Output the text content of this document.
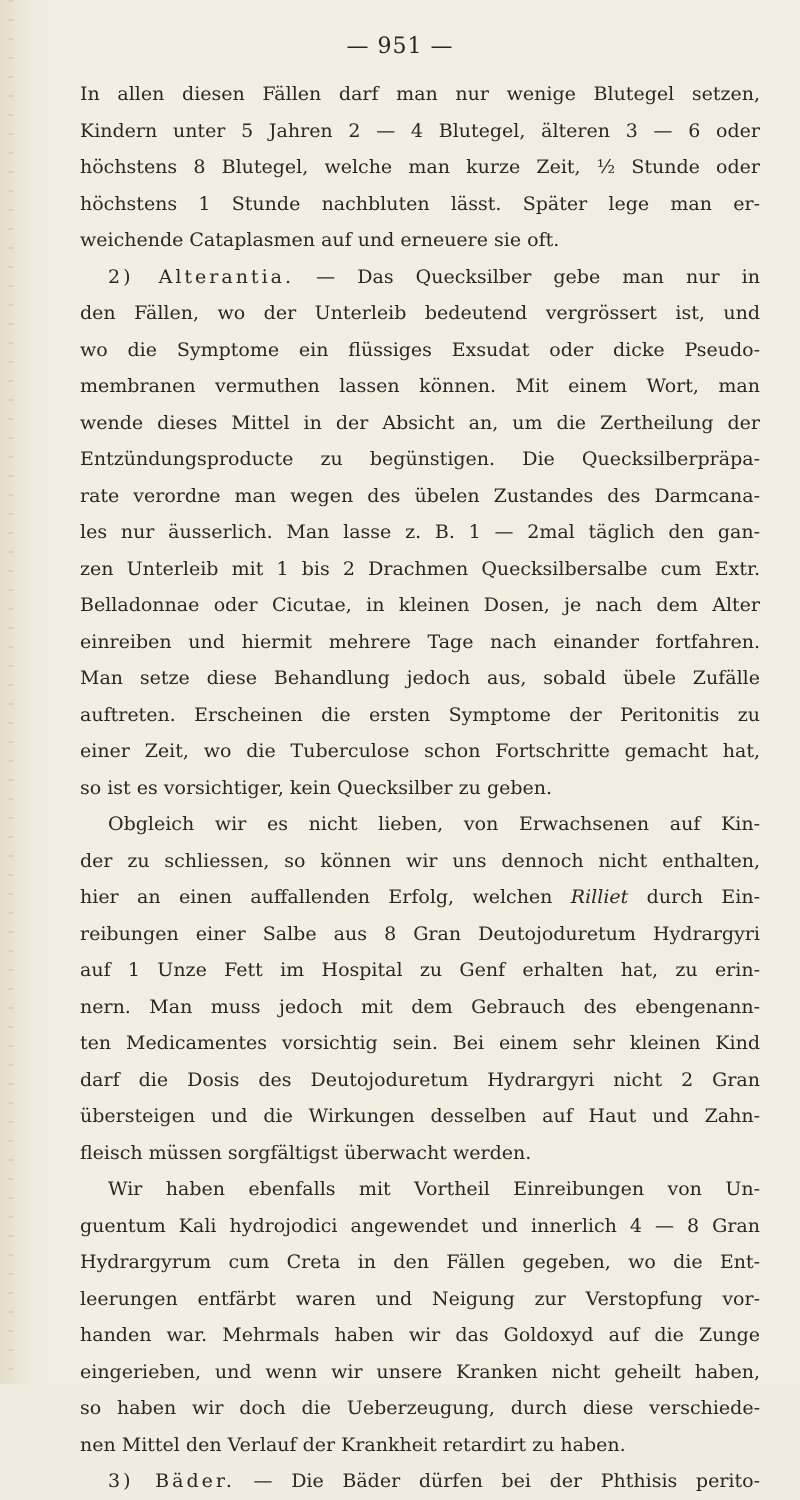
— 951 —
In allen diesen Fällen darf man nur wenige Blutegel setzen,
Kindern unter 5 Jahren 2 — 4 Blutegel, älteren 3 — 6 oder
höchstens 8 Blutegel, welche man kurze Zeit, ½ Stunde oder
höchstens 1 Stunde nachbluten lässt. Später lege man er-
weichende Cataplasmen auf und erneuere sie oft.
2) Alterantia. — Das Quecksilber gebe man nur in
den Fällen, wo der Unterleib bedeutend vergrössert ist, und
wo die Symptome ein flüssiges Exsudat oder dicke Pseudo-
membranen vermuthen lassen können. Mit einem Wort, man
wende dieses Mittel in der Absicht an, um die Zertheilung der
Entzündungsproducte zu begünstigen. Die Quecksilberpräpa-
rate verordne man wegen des übelen Zustandes des Darmcana-
les nur äusserlich. Man lasse z. B. 1 — 2mal täglich den gan-
zen Unterleib mit 1 bis 2 Drachmen Quecksilbersalbe cum Extr.
Belladonnae oder Cicutae, in kleinen Dosen, je nach dem Alter
einreiben und hiermit mehrere Tage nach einander fortfahren.
Man setze diese Behandlung jedoch aus, sobald übele Zufälle
auftreten. Erscheinen die ersten Symptome der Peritonitis zu
einer Zeit, wo die Tuberculose schon Fortschritte gemacht hat,
so ist es vorsichtiger, kein Quecksilber zu geben.
Obgleich wir es nicht lieben, von Erwachsenen auf Kin-
der zu schliessen, so können wir uns dennoch nicht enthalten,
hier an einen auffallenden Erfolg, welchen Rilliet durch Ein-
reibungen einer Salbe aus 8 Gran Deutojoduretum Hydrargyri
auf 1 Unze Fett im Hospital zu Genf erhalten hat, zu erin-
nern. Man muss jedoch mit dem Gebrauch des ebengenann-
ten Medicamentes vorsichtig sein. Bei einem sehr kleinen Kind
darf die Dosis des Deutojoduretum Hydrargyri nicht 2 Gran
übersteigen und die Wirkungen desselben auf Haut und Zahn-
fleisch müssen sorgfältigst überwacht werden.
Wir haben ebenfalls mit Vortheil Einreibungen von Un-
guentum Kali hydrojodici angewendet und innerlich 4 — 8 Gran
Hydrargyrum cum Creta in den Fällen gegeben, wo die Ent-
leerungen entfärbt waren und Neigung zur Verstopfung vor-
handen war. Mehrmals haben wir das Goldoxyd auf die Zunge
eingerieben, und wenn wir unsere Kranken nicht geheilt haben,
so haben wir doch die Ueberzeugung, durch diese verschiede-
nen Mittel den Verlauf der Krankheit retardirt zu haben.
3) Bäder. — Die Bäder dürfen bei der Phthisis perito-
